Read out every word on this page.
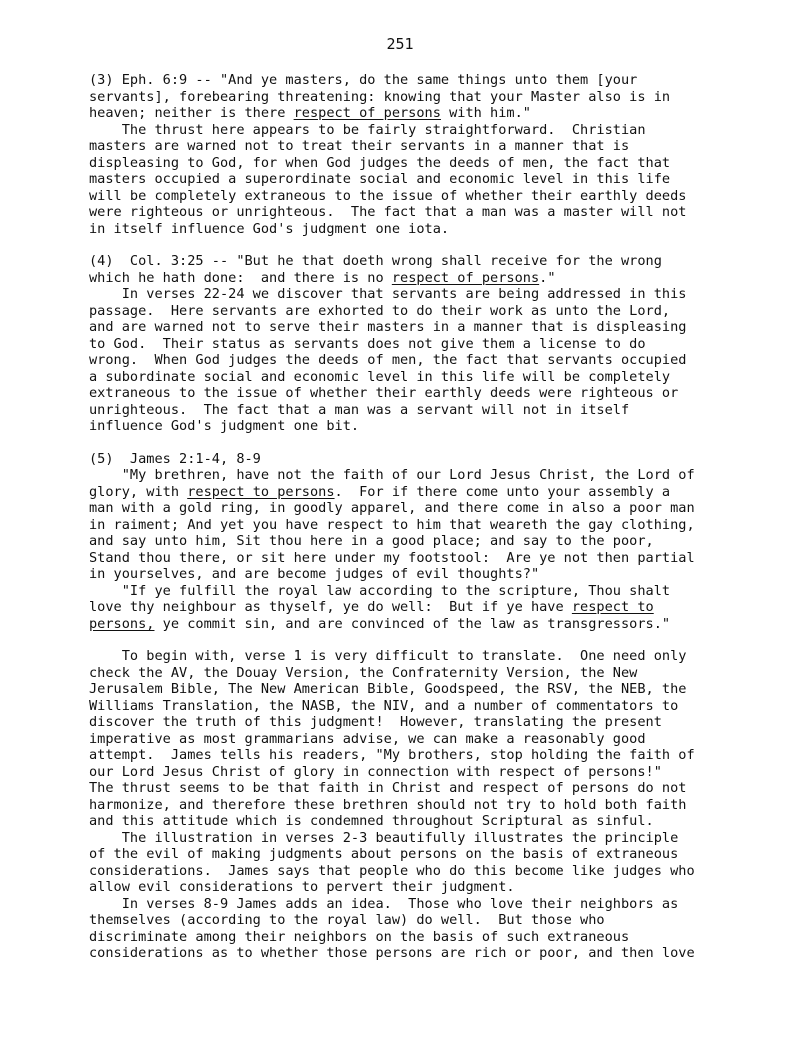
251
(3) Eph. 6:9 -- "And ye masters, do the same things unto them [your
servants], forebearing threatening: knowing that your Master also is in
heaven; neither is there respect of persons with him."
The thrust here appears to be fairly straightforward.  Christian
masters are warned not to treat their servants in a manner that is
displeasing to God, for when God judges the deeds of men, the fact that
masters occupied a superordinate social and economic level in this life
will be completely extraneous to the issue of whether their earthly deeds
were righteous or unrighteous.  The fact that a man was a master will not
in itself influence God's judgment one iota.
(4)  Col. 3:25 -- "But he that doeth wrong shall receive for the wrong
which he hath done:  and there is no respect of persons."
In verses 22-24 we discover that servants are being addressed in this
passage.  Here servants are exhorted to do their work as unto the Lord,
and are warned not to serve their masters in a manner that is displeasing
to God.  Their status as servants does not give them a license to do
wrong.  When God judges the deeds of men, the fact that servants occupied
a subordinate social and economic level in this life will be completely
extraneous to the issue of whether their earthly deeds were righteous or
unrighteous.  The fact that a man was a servant will not in itself
influence God's judgment one bit.
(5)  James 2:1-4, 8-9
"My brethren, have not the faith of our Lord Jesus Christ, the Lord of
glory, with respect to persons.  For if there come unto your assembly a
man with a gold ring, in goodly apparel, and there come in also a poor man
in raiment; And yet you have respect to him that weareth the gay clothing,
and say unto him, Sit thou here in a good place; and say to the poor,
Stand thou there, or sit here under my footstool:  Are ye not then partial
in yourselves, and are become judges of evil thoughts?"
"If ye fulfill the royal law according to the scripture, Thou shalt
love thy neighbour as thyself, ye do well:  But if ye have respect to
persons, ye commit sin, and are convinced of the law as transgressors."
To begin with, verse 1 is very difficult to translate.  One need only
check the AV, the Douay Version, the Confraternity Version, the New
Jerusalem Bible, The New American Bible, Goodspeed, the RSV, the NEB, the
Williams Translation, the NASB, the NIV, and a number of commentators to
discover the truth of this judgment!  However, translating the present
imperative as most grammarians advise, we can make a reasonably good
attempt.  James tells his readers, "My brothers, stop holding the faith of
our Lord Jesus Christ of glory in connection with respect of persons!"
The thrust seems to be that faith in Christ and respect of persons do not
harmonize, and therefore these brethren should not try to hold both faith
and this attitude which is condemned throughout Scriptural as sinful.
The illustration in verses 2-3 beautifully illustrates the principle
of the evil of making judgments about persons on the basis of extraneous
considerations.  James says that people who do this become like judges who
allow evil considerations to pervert their judgment.
In verses 8-9 James adds an idea.  Those who love their neighbors as
themselves (according to the royal law) do well.  But those who
discriminate among their neighbors on the basis of such extraneous
considerations as to whether those persons are rich or poor, and then love
